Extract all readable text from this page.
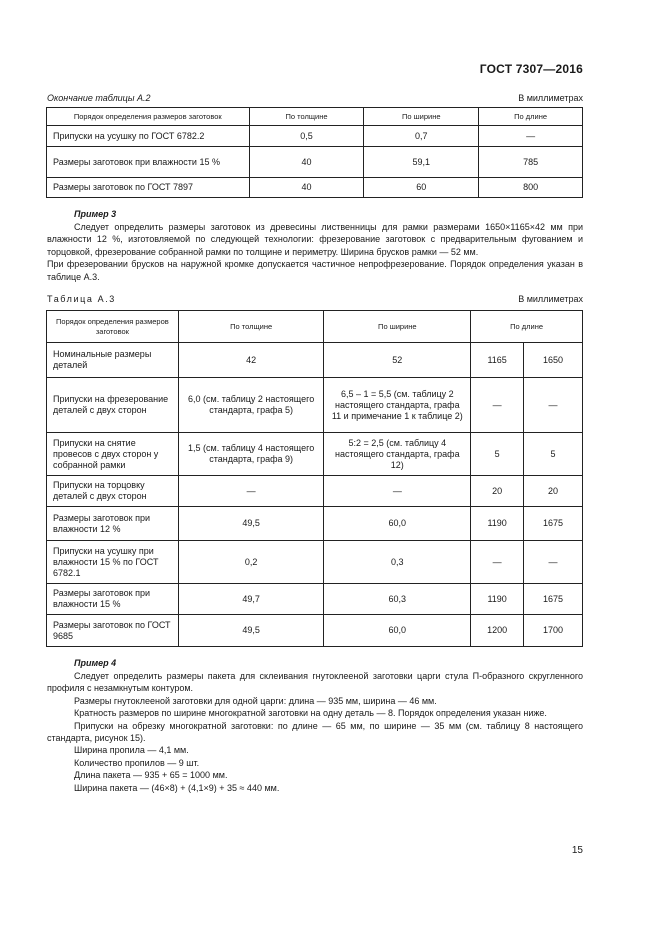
ГОСТ 7307—2016
Окончание таблицы А.2	В миллиметрах
Порядок определения размеров заготовок	По толщине	По ширине	По длине
Припуски на усушку по ГОСТ 6782.2	0,5	0,7	—
Размеры заготовок при влажности 15 %	40	59,1	785
Размеры заготовок по ГОСТ 7897	40	60	800
Пример 3

Следует определить размеры заготовок из древесины лиственницы для рамки размерами 1650×1165×42 мм при влажности 12 %, изготовляемой по следующей технологии: фрезерование заготовок с предварительным фугованием и торцовкой, фрезерование собранной рамки по толщине и периметру. Ширина брусков рамки — 52 мм.

При фрезеровании брусков на наружной кромке допускается частичное непрофрезерование. Порядок определения указан в таблице А.3.

Таблица А.3	В миллиметрах
Порядок определения размеров заготовок	По толщине	По ширине	По длине	
Номинальные размеры деталей	42	52	1165	1650
Припуски на фрезерование деталей с двух сторон	6,0 (см. таблицу 2 настоящего стандарта, графа 5)	6,5 – 1 = 5,5 (см. таблицу 2 настоящего стандарта, графа 11 и примечание 1 к таблице 2)	—	—
Припуски на снятие провесов с двух сторон у собранной рамки	1,5 (см. таблицу 4 настоящего стандарта, графа 9)	5:2 = 2,5 (см. таблицу 4 настоящего стандарта, графа 12)	5	5
Припуски на торцовку деталей с двух сторон	—	—	20	20
Размеры заготовок при влажности 12 %	49,5	60,0	1190	1675
Припуски на усушку при влажности 15 % по ГОСТ 6782.1	0,2	0,3	—	—
Размеры заготовок при влажности 15 %	49,7	60,3	1190	1675
Размеры заготовок по ГОСТ 9685	49,5	60,0	1200	1700
Пример 4
Следует определить размеры пакета для склеивания гнутоклееной заготовки царги стула П-образного скругленного профиля с незамкнутым контуром.
Размеры гнутоклееной заготовки для одной царги: длина — 935 мм, ширина — 46 мм.
Кратность размеров по ширине многократной заготовки на одну деталь — 8. Порядок определения указан ниже.
Припуски на обрезку многократной заготовки: по длине — 65 мм, по ширине — 35 мм (см. таблицу 8 настоящего стандарта, рисунок 15).
Ширина пропила — 4,1 мм.
Количество пропилов — 9 шт.
Длина пакета — 935 + 65 = 1000 мм.
Ширина пакета — (46×8) + (4,1×9) + 35 ≈ 440 мм.
15
